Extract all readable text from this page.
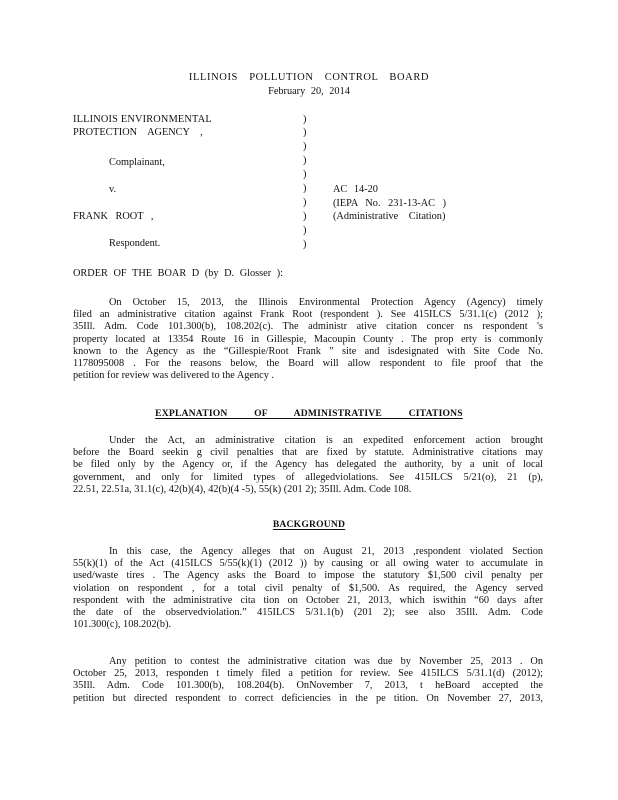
ILLINOIS POLLUTION CONTROL BOARD
February 20, 2014
ILLINOIS ENVIRONMENTAL
PROTECTION AGENCY ,
Complainant,
v.
FRANK ROOT ,
Respondent.
)
)
)
)
)
)
)
)
)
)
AC 14-20
(IEPA No. 231-13-AC )
(Administrative Citation)
ORDER OF THE BOAR D (by D. Glosser ):
On October 15, 2013, the Illinois Environmental Protection Agency (Agency) timely
filed an administrative citation against Frank Root (respondent ). See 415ILCS 5/31.1(c) (2012 );
35Ill. Adm. Code 101.300(b), 108.202(c). The administr ative citation concer ns respondent 's
property located at 13354 Route 16 in Gillespie, Macoupin County . The prop erty is commonly
known to the Agency as the “Gillespie/Root Frank ” site and isdesignated with Site Code No.
1178095008 . For the reasons below, the Board will allow respondent to file proof that the
petition for review was delivered to the Agency .
EXPLANATION OF ADMINISTRATIVE CITATIONS
Under the Act, an administrative citation is an expedited enforcement action brought
before the Board seekin g civil penalties that are fixed by statute. Administrative citations may
be filed only by the Agency or, if the Agency has delegated the authority, by a unit of local
government, and only for limited types of allegedviolations. See 415ILCS 5/21(o), 21 (p),
22.51, 22.51a, 31.1(c), 42(b)(4), 42(b)(4 -5), 55(k) (201 2); 35Ill. Adm. Code 108.
BACKGROUND
In this case, the Agency alleges that on August 21, 2013 ,respondent violated Section
55(k)(1) of the Act (415ILCS 5/55(k)(1) (2012 )) by causing or all owing water to accumulate in
used/waste tires . The Agency asks the Board to impose the statutory $1,500 civil penalty per
violation on respondent , for a total civil penalty of $1,500. As required, the Agency served
respondent with the administrative cita tion on October 21, 2013, which iswithin “60 days after
the date of the observedviolation.” 415ILCS 5/31.1(b) (201 2); see also 35Ill. Adm. Code
101.300(c), 108.202(b).
Any petition to contest the administrative citation was due by November 25, 2013 . On
October 25, 2013, responden t timely filed a petition for review. See 415ILCS 5/31.1(d) (2012);
35Ill. Adm. Code 101.300(b), 108.204(b). OnNovember 7, 2013, t heBoard accepted the
petition but directed respondent to correct deficiencies in the pe tition. On November 27, 2013,
